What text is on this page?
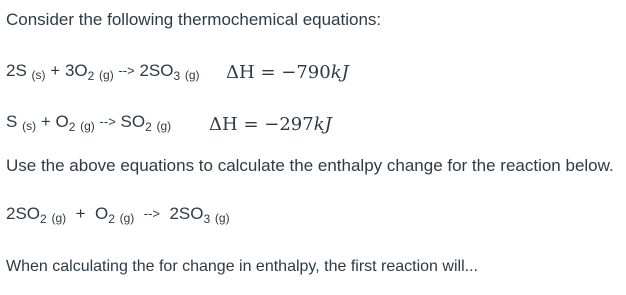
Consider the following thermochemical equations:
2S $(s) + 3O_2$ (g) --> $2SO_3$ (g) ΔH = −790kJ
S $(s) + O_2$ (g) --> $SO_2$ (g) ΔH = −297kJ
Use the above equations to calculate the enthalpy change for the reaction below.
$2SO_2$ $(g) + O_2$ (g) --> $2SO_3$ (g)
When calculating the for change in enthalpy, the first reaction will...
